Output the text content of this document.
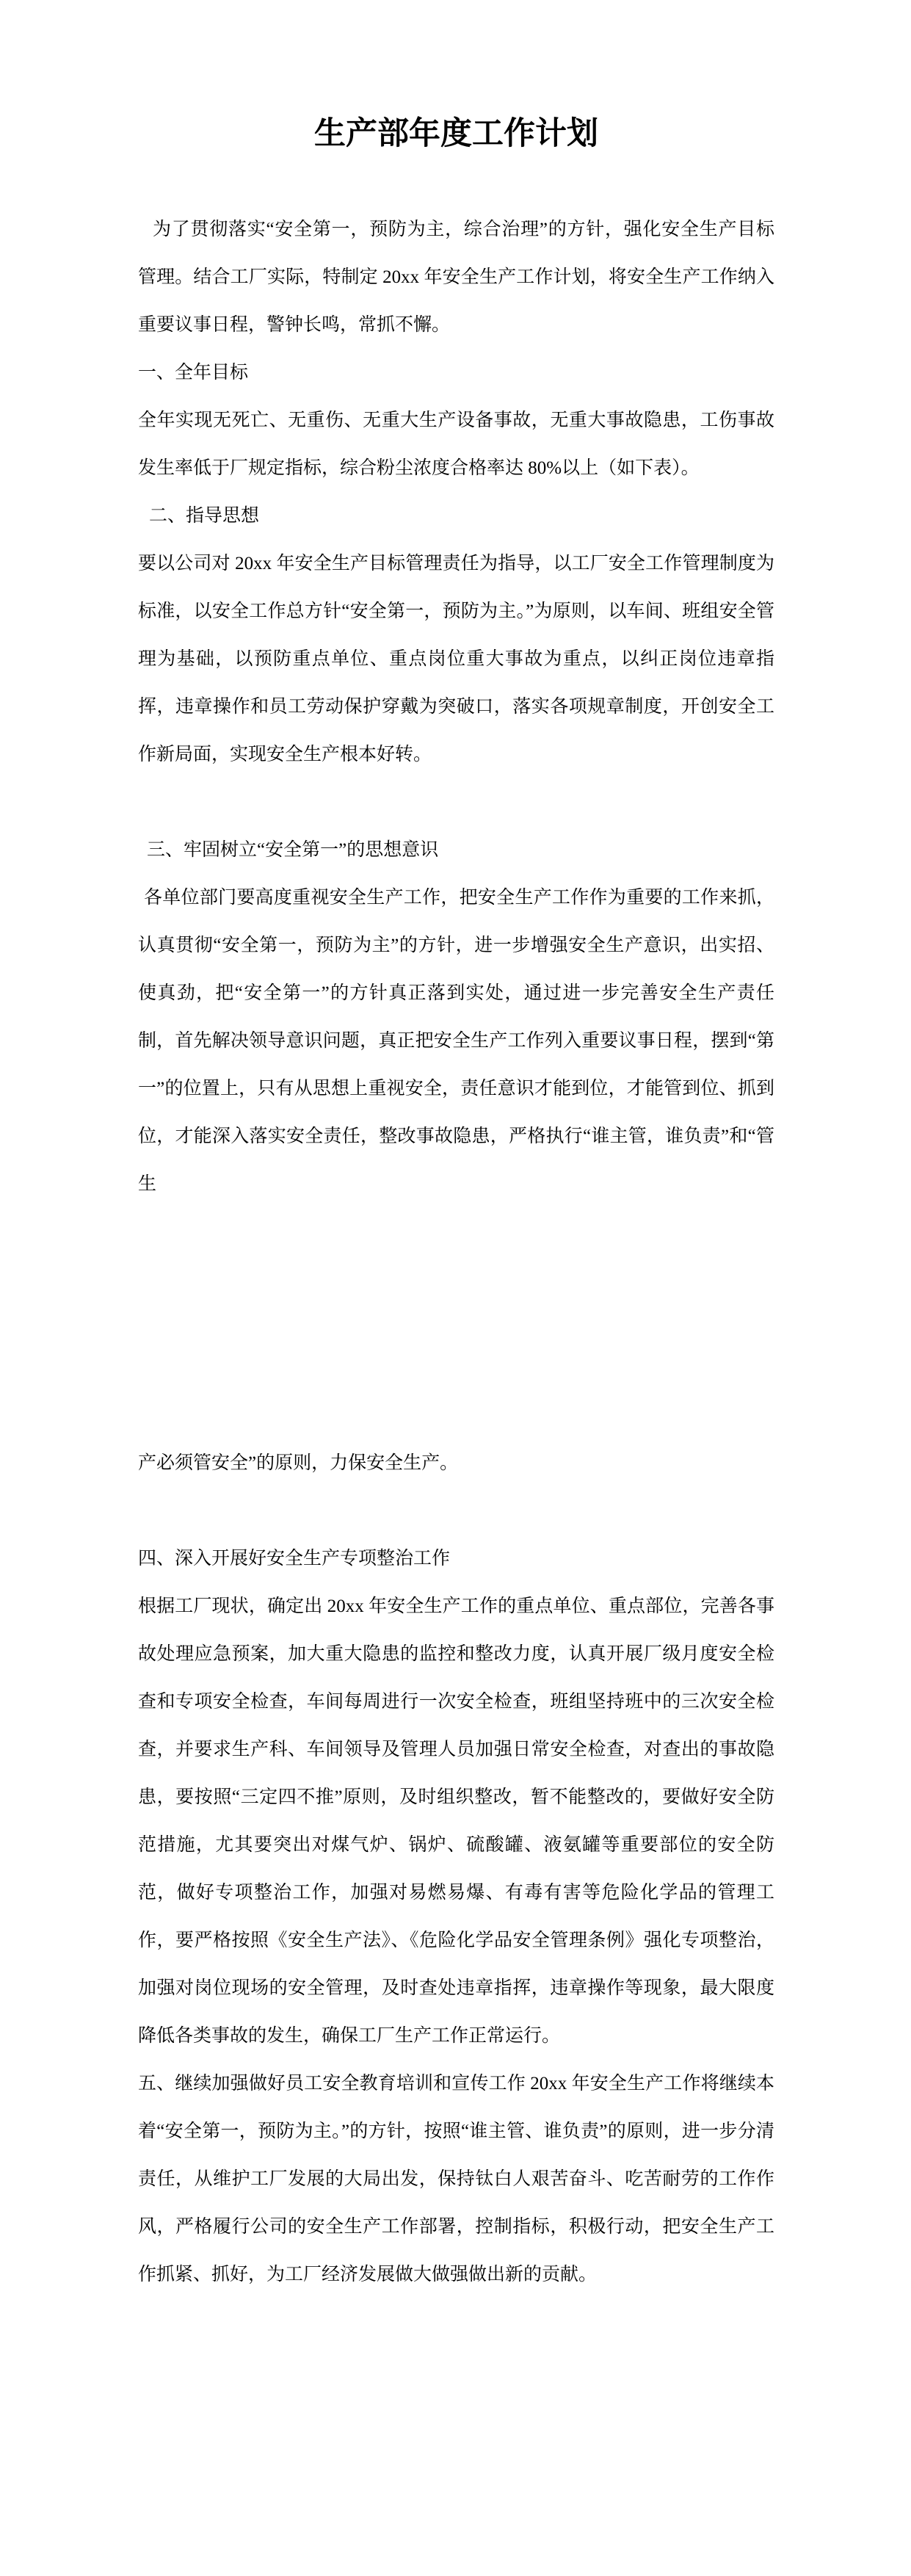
生产部年度工作计划

为了贯彻落实“安全第一，预防为主，综合治理”的方针，强化安全生产目标管理。结合工厂实际，特制定 20xx 年安全生产工作计划，将安全生产工作纳入重要议事日程，警钟长鸣，常抓不懈。

一、全年目标

全年实现无死亡、无重伤、无重大生产设备事故，无重大事故隐患，工伤事故发生率低于厂规定指标，综合粉尘浓度合格率达 80%以上（如下表）。

二、指导思想

要以公司对 20xx 年安全生产目标管理责任为指导，以工厂安全工作管理制度为标准，以安全工作总方针“安全第一，预防为主。”为原则，以车间、班组安全管理为基础，以预防重点单位、重点岗位重大事故为重点，以纠正岗位违章指挥，违章操作和员工劳动保护穿戴为突破口，落实各项规章制度，开创安全工作新局面，实现安全生产根本好转。

三、牢固树立“安全第一”的思想意识

各单位部门要高度重视安全生产工作，把安全生产工作作为重要的工作来抓，认真贯彻“安全第一，预防为主”的方针，进一步增强安全生产意识，出实招、使真劲，把“安全第一”的方针真正落到实处，通过进一步完善安全生产责任制，首先解决领导意识问题，真正把安全生产工作列入重要议事日程，摆到“第一”的位置上，只有从思想上重视安全，责任意识才能到位，才能管到位、抓到位，才能深入落实安全责任，整改事故隐患，严格执行“谁主管，谁负责”和“管生

产必须管安全”的原则，力保安全生产。

四、深入开展好安全生产专项整治工作

根据工厂现状，确定出 20xx 年安全生产工作的重点单位、重点部位，完善各事故处理应急预案，加大重大隐患的监控和整改力度，认真开展厂级月度安全检查和专项安全检查，车间每周进行一次安全检查，班组坚持班中的三次安全检查，并要求生产科、车间领导及管理人员加强日常安全检查，对查出的事故隐患，要按照“三定四不推”原则，及时组织整改，暂不能整改的，要做好安全防范措施，尤其要突出对煤气炉、锅炉、硫酸罐、液氨罐等重要部位的安全防范，做好专项整治工作，加强对易燃易爆、有毒有害等危险化学品的管理工作，要严格按照《安全生产法》、《危险化学品安全管理条例》强化专项整治，加强对岗位现场的安全管理，及时查处违章指挥，违章操作等现象，最大限度降低各类事故的发生，确保工厂生产工作正常运行。

五、继续加强做好员工安全教育培训和宣传工作 20xx 年安全生产工作将继续本着“安全第一，预防为主。”的方针，按照“谁主管、谁负责”的原则，进一步分清责任，从维护工厂发展的大局出发，保持钛白人艰苦奋斗、吃苦耐劳的工作作风，严格履行公司的安全生产工作部署，控制指标，积极行动，把安全生产工作抓紧、抓好，为工厂经济发展做大做强做出新的贡献。
